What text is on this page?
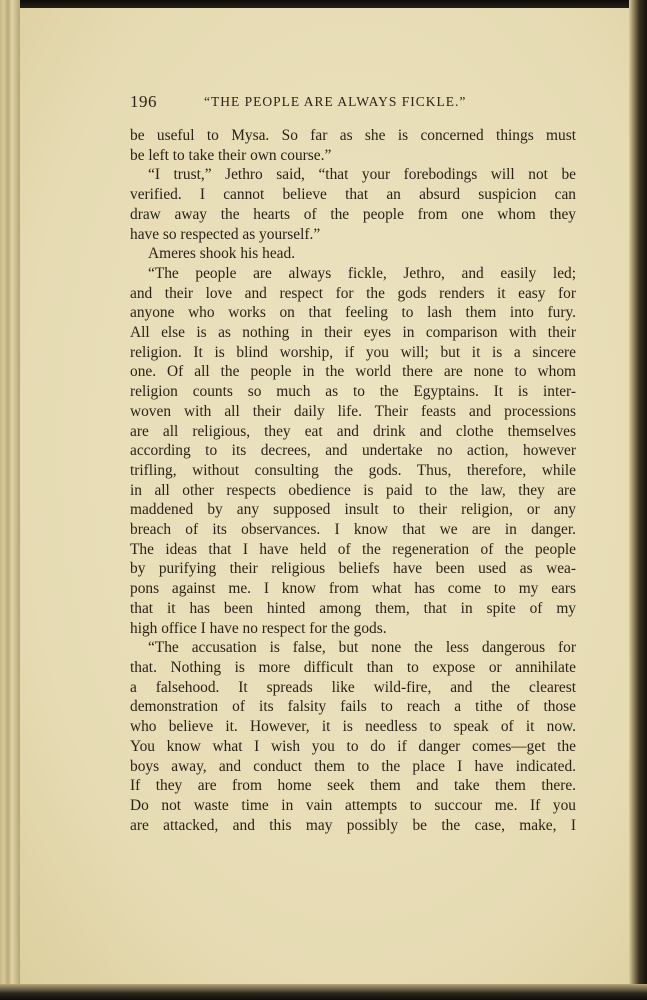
196	“THE PEOPLE ARE ALWAYS FICKLE.”

be useful to Mysa. So far as she is concerned things must

be left to take their own course.”

“I trust,” Jethro said, “that your forebodings will not be

verified. I cannot believe that an absurd suspicion can

draw away the hearts of the people from one whom they

have so respected as yourself.”

Ameres shook his head.

“The people are always fickle, Jethro, and easily led;

and their love and respect for the gods renders it easy for

anyone who works on that feeling to lash them into fury.

All else is as nothing in their eyes in comparison with their

religion. It is blind worship, if you will; but it is a sincere

one. Of all the people in the world there are none to whom

religion counts so much as to the Egyptains. It is inter-

woven with all their daily life. Their feasts and processions

are all religious, they eat and drink and clothe themselves

according to its decrees, and undertake no action, however

trifling, without consulting the gods. Thus, therefore, while

in all other respects obedience is paid to the law, they are

maddened by any supposed insult to their religion, or any

breach of its observances. I know that we are in danger.

The ideas that I have held of the regeneration of the people

by purifying their religious beliefs have been used as wea-

pons against me. I know from what has come to my ears

that it has been hinted among them, that in spite of my

high office I have no respect for the gods.

“The accusation is false, but none the less dangerous for

that. Nothing is more difficult than to expose or annihilate

a falsehood. It spreads like wild-fire, and the clearest

demonstration of its falsity fails to reach a tithe of those

who believe it. However, it is needless to speak of it now.

You know what I wish you to do if danger comes—get the

boys away, and conduct them to the place I have indicated.

If they are from home seek them and take them there.

Do not waste time in vain attempts to succour me. If you

are attacked, and this may possibly be the case, make, I
